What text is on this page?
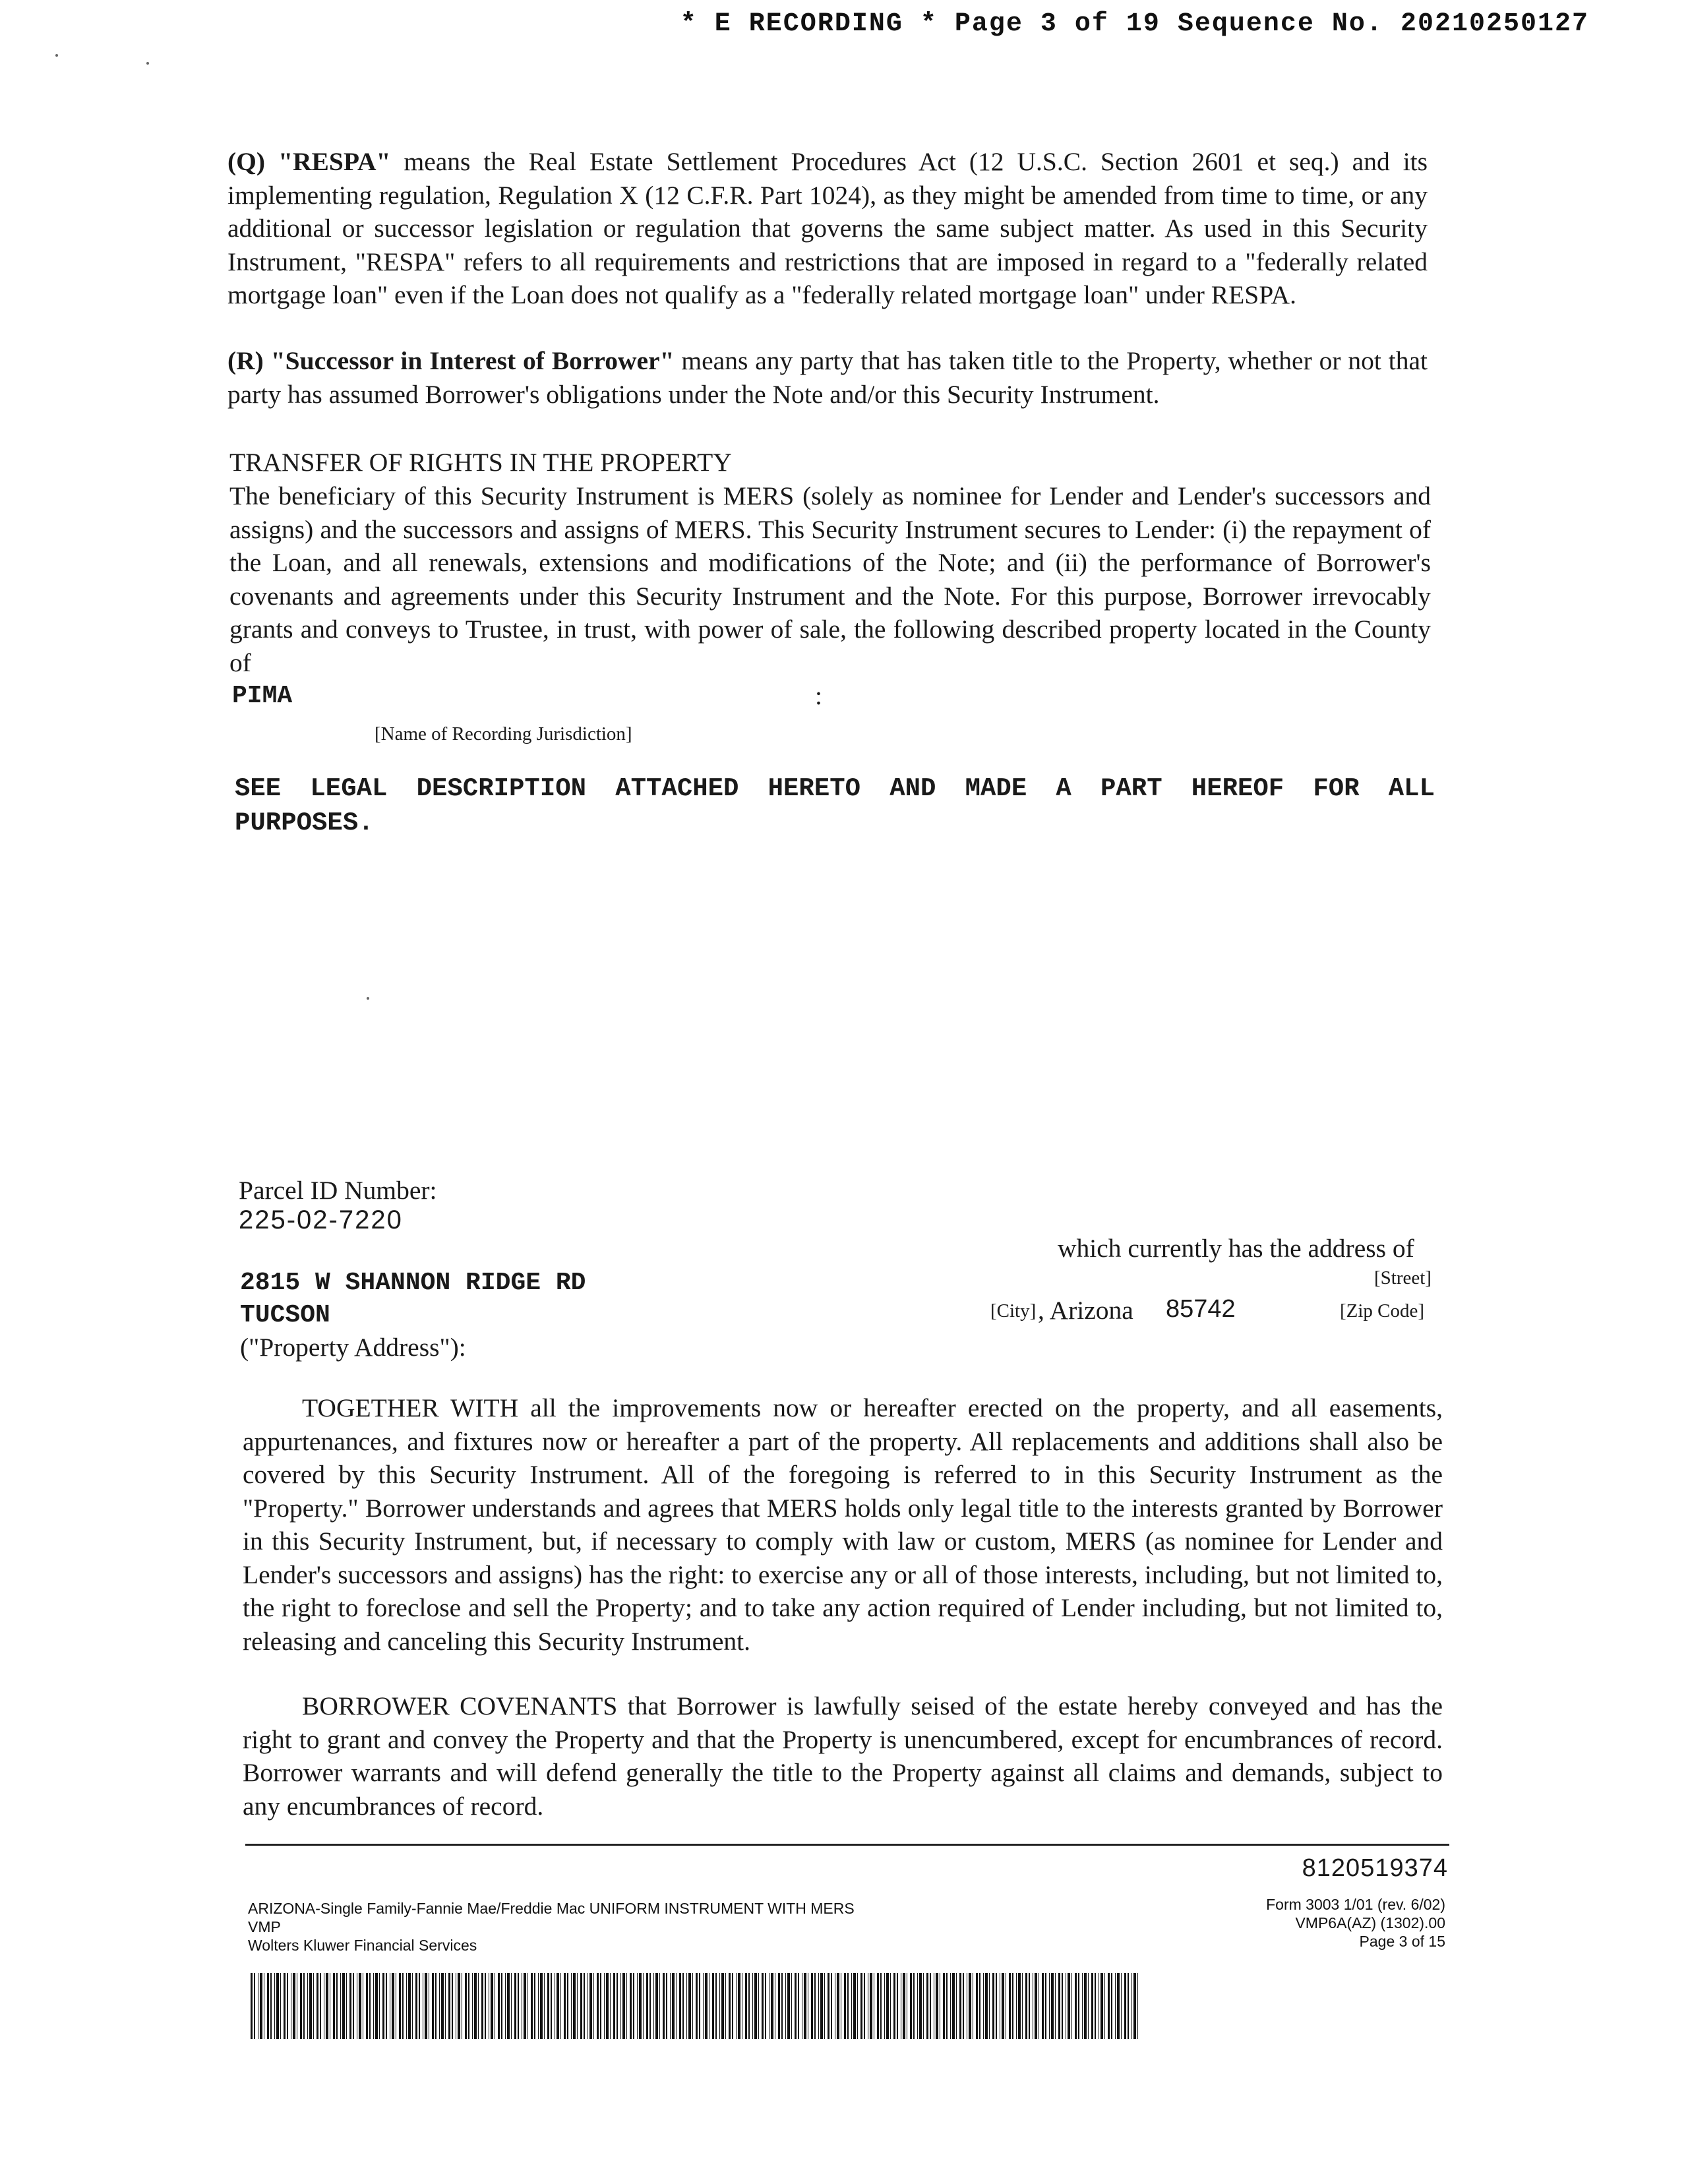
* E RECORDING * Page 3 of 19 Sequence No. 20210250127
(Q) "RESPA" means the Real Estate Settlement Procedures Act (12 U.S.C. Section 2601 et seq.) and its
implementing regulation, Regulation X (12 C.F.R. Part 1024), as they might be amended from time to time, or any additional or successor legislation or regulation that governs the same subject matter. As used in this Security Instrument, "RESPA" refers to all requirements and restrictions that are imposed in regard to a "federally related mortgage loan" even if the Loan does not qualify as a "federally related mortgage loan" under RESPA.
(R) "Successor in Interest of Borrower" means any party that has taken title to the Property, whether or not that party has assumed Borrower's obligations under the Note and/or this Security Instrument.
TRANSFER OF RIGHTS IN THE PROPERTY
The beneficiary of this Security Instrument is MERS (solely as nominee for Lender and Lender's successors and assigns) and the successors and assigns of MERS. This Security Instrument secures to Lender: (i) the repayment of the Loan, and all renewals, extensions and modifications of the Note; and (ii) the performance of Borrower's covenants and agreements under this Security Instrument and the Note. For this purpose, Borrower irrevocably grants and conveys to Trustee, in trust, with power of sale, the following described property located in the County of
PIMA	:
[Name of Recording Jurisdiction]
SEE LEGAL DESCRIPTION ATTACHED HERETO AND MADE A PART HEREOF FOR ALL PURPOSES.
Parcel ID Number:
225-02-7220
which currently has the address of
2815 W SHANNON RIDGE RD	[Street]
TUCSON	[City] , Arizona 85742	[Zip Code]
("Property Address"):
TOGETHER WITH all the improvements now or hereafter erected on the property, and all easements, appurtenances, and fixtures now or hereafter a part of the property. All replacements and additions shall also be covered by this Security Instrument. All of the foregoing is referred to in this Security Instrument as the "Property." Borrower understands and agrees that MERS holds only legal title to the interests granted by Borrower in this Security Instrument, but, if necessary to comply with law or custom, MERS (as nominee for Lender and Lender's successors and assigns) has the right: to exercise any or all of those interests, including, but not limited to, the right to foreclose and sell the Property; and to take any action required of Lender including, but not limited to, releasing and canceling this Security Instrument.
BORROWER COVENANTS that Borrower is lawfully seised of the estate hereby conveyed and has the right to grant and convey the Property and that the Property is unencumbered, except for encumbrances of record. Borrower warrants and will defend generally the title to the Property against all claims and demands, subject to any encumbrances of record.
8120519374
ARIZONA-Single Family-Fannie Mae/Freddie Mac UNIFORM INSTRUMENT WITH MERS
VMP
Wolters Kluwer Financial Services
Form 3003 1/01 (rev. 6/02)
VMP6A(AZ) (1302).00
Page 3 of 15
